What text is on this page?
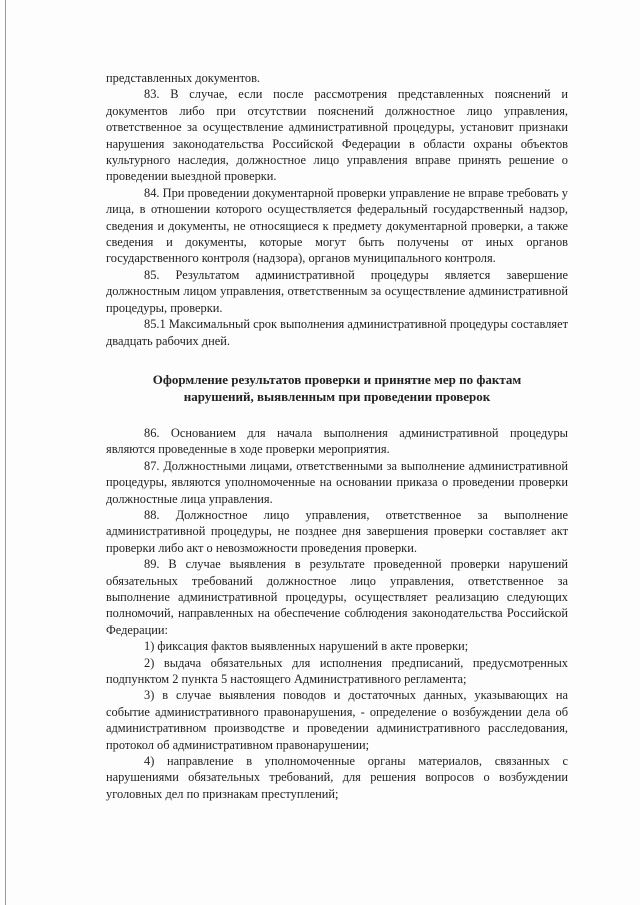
представленных документов.

83. В случае, если после рассмотрения представленных пояснений и документов либо при отсутствии пояснений должностное лицо управления, ответственное за осуществление административной процедуры, установит признаки нарушения законодательства Российской Федерации в области охраны объектов культурного наследия, должностное лицо управления вправе принять решение о проведении выездной проверки.

84. При проведении документарной проверки управление не вправе требовать у лица, в отношении которого осуществляется федеральный государственный надзор, сведения и документы, не относящиеся к предмету документарной проверки, а также сведения и документы, которые могут быть получены от иных органов государственного контроля (надзора), органов муниципального контроля.

85. Результатом административной процедуры является завершение должностным лицом управления, ответственным за осуществление административной процедуры, проверки.

85.1 Максимальный срок выполнения административной процедуры составляет двадцать рабочих дней.

Оформление результатов проверки и принятие мер по фактам
нарушений, выявленным при проведении проверок

86. Основанием для начала выполнения административной процедуры являются проведенные в ходе проверки мероприятия.

87. Должностными лицами, ответственными за выполнение административной процедуры, являются уполномоченные на основании приказа о проведении проверки должностные лица управления.

88. Должностное лицо управления, ответственное за выполнение административной процедуры, не позднее дня завершения проверки составляет акт проверки либо акт о невозможности проведения проверки.

89. В случае выявления в результате проведенной проверки нарушений обязательных требований должностное лицо управления, ответственное за выполнение административной процедуры, осуществляет реализацию следующих полномочий, направленных на обеспечение соблюдения законодательства Российской Федерации:

1) фиксация фактов выявленных нарушений в акте проверки;

2) выдача обязательных для исполнения предписаний, предусмотренных подпунктом 2 пункта 5 настоящего Административного регламента;

3) в случае выявления поводов и достаточных данных, указывающих на событие административного правонарушения, - определение о возбуждении дела об административном производстве и проведении административного расследования, протокол об административном правонарушении;

4) направление в уполномоченные органы материалов, связанных с нарушениями обязательных требований, для решения вопросов о возбуждении уголовных дел по признакам преступлений;
